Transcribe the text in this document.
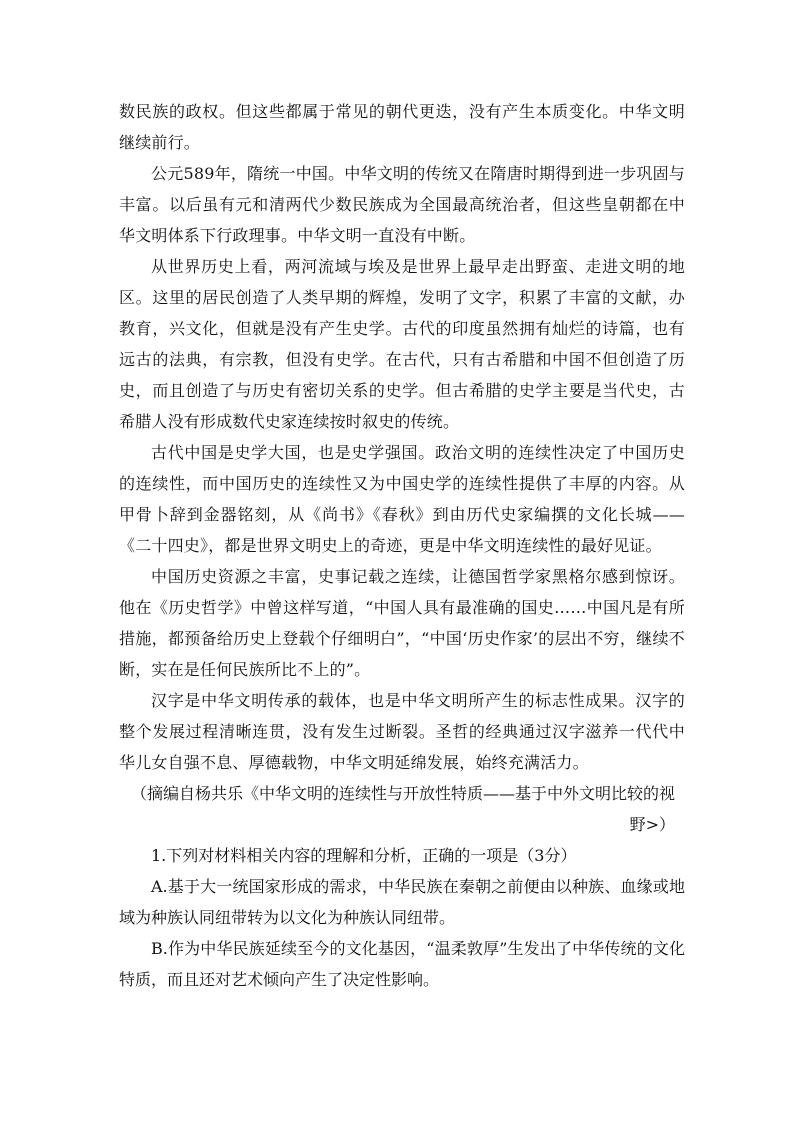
数民族的政权。但这些都属于常见的朝代更迭，没有产生本质变化。中华文明继续前行。

公元589年，隋统一中国。中华文明的传统又在隋唐时期得到进一步巩固与丰富。以后虽有元和清两代少数民族成为全国最高统治者，但这些皇朝都在中华文明体系下行政理事。中华文明一直没有中断。

从世界历史上看，两河流域与埃及是世界上最早走出野蛮、走进文明的地区。这里的居民创造了人类早期的辉煌，发明了文字，积累了丰富的文献，办教育，兴文化，但就是没有产生史学。古代的印度虽然拥有灿烂的诗篇，也有远古的法典，有宗教，但没有史学。在古代，只有古希腊和中国不但创造了历史，而且创造了与历史有密切关系的史学。但古希腊的史学主要是当代史，古希腊人没有形成数代史家连续按时叙史的传统。

古代中国是史学大国，也是史学强国。政治文明的连续性决定了中国历史的连续性，而中国历史的连续性又为中国史学的连续性提供了丰厚的内容。从甲骨卜辞到金器铭刻，从《尚书》《春秋》到由历代史家编撰的文化长城——《二十四史》，都是世界文明史上的奇迹，更是中华文明连续性的最好见证。

中国历史资源之丰富，史事记载之连续，让德国哲学家黑格尔感到惊讶。他在《历史哲学》中曾这样写道，“中国人具有最准确的国史……中国凡是有所措施，都预备给历史上登载个仔细明白”，“中国‘历史作家’的层出不穷，继续不断，实在是任何民族所比不上的”。

汉字是中华文明传承的载体，也是中华文明所产生的标志性成果。汉字的整个发展过程清晰连贯，没有发生过断裂。圣哲的经典通过汉字滋养一代代中华儿女自强不息、厚德载物，中华文明延绵发展，始终充满活力。

（摘编自杨共乐《中华文明的连续性与开放性特质——基于中外文明比较的视野>）

1.下列对材料相关内容的理解和分析，正确的一项是（3分）

A.基于大一统国家形成的需求，中华民族在秦朝之前便由以种族、血缘或地域为种族认同纽带转为以文化为种族认同纽带。

B.作为中华民族延续至今的文化基因，“温柔敦厚”生发出了中华传统的文化特质，而且还对艺术倾向产生了决定性影响。
